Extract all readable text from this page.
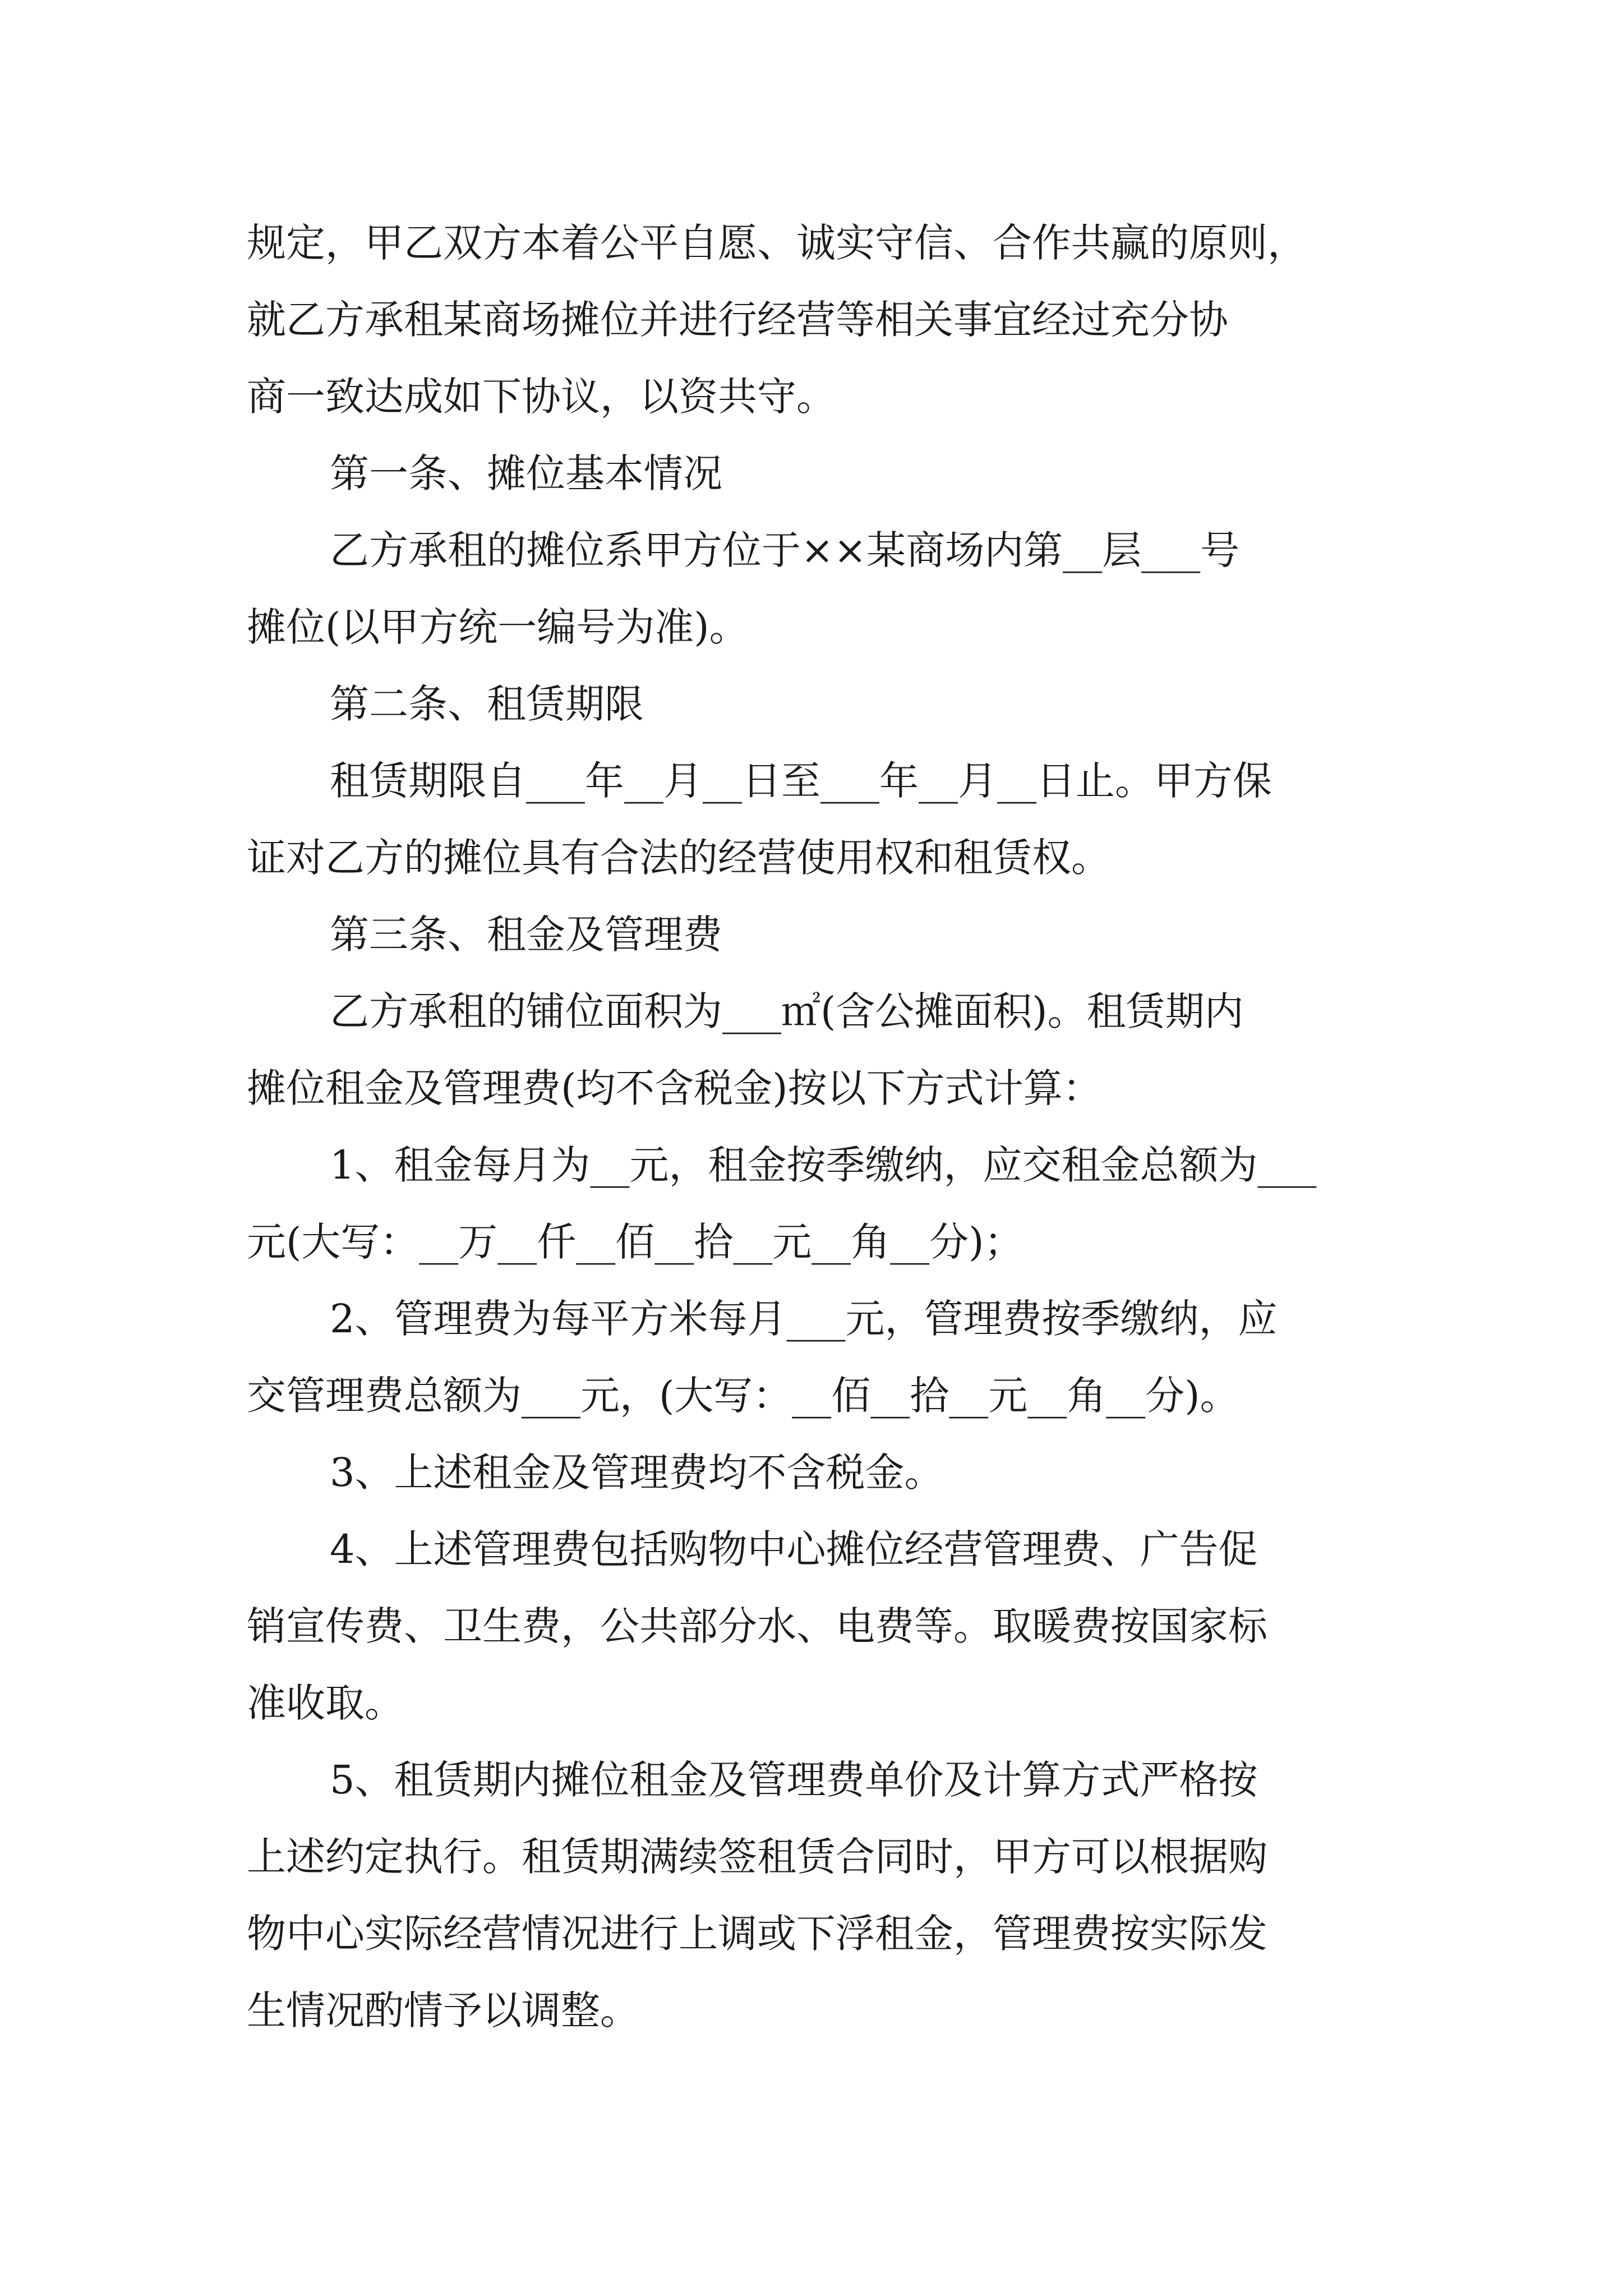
规定，甲乙双方本着公平自愿、诚实守信、合作共赢的原则，
就乙方承租某商场摊位并进行经营等相关事宜经过充分协
商一致达成如下协议，以资共守。
第一条、摊位基本情况
乙方承租的摊位系甲方位于××某商场内第__层___号
摊位(以甲方统一编号为准)。
第二条、租赁期限
租赁期限自___年__月__日至___年__月__日止。甲方保
证对乙方的摊位具有合法的经营使用权和租赁权。
第三条、租金及管理费
乙方承租的铺位面积为___㎡(含公摊面积)。租赁期内
摊位租金及管理费(均不含税金)按以下方式计算：
1、租金每月为__元，租金按季缴纳，应交租金总额为___
元(大写：__万__仟__佰__拾__元__角__分)；
2、管理费为每平方米每月___元，管理费按季缴纳，应
交管理费总额为___元，(大写：__佰__拾__元__角__分)。
3、上述租金及管理费均不含税金。
4、上述管理费包括购物中心摊位经营管理费、广告促
销宣传费、卫生费，公共部分水、电费等。取暖费按国家标
准收取。
5、租赁期内摊位租金及管理费单价及计算方式严格按
上述约定执行。租赁期满续签租赁合同时，甲方可以根据购
物中心实际经营情况进行上调或下浮租金，管理费按实际发
生情况酌情予以调整。
